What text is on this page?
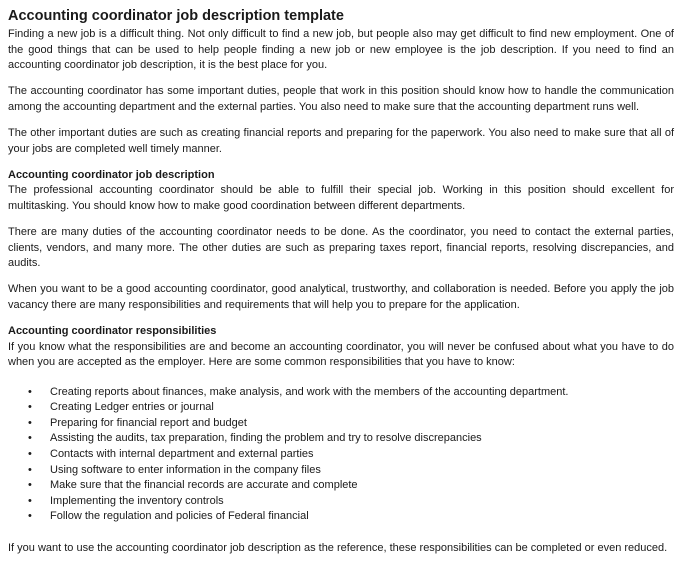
Accounting coordinator job description template

Finding a new job is a difficult thing. Not only difficult to find a new job, but people also may get difficult to find new employment. One of the good things that can be used to help people finding a new job or new employee is the job description. If you need to find an accounting coordinator job description, it is the best place for you.

The accounting coordinator has some important duties, people that work in this position should know how to handle the communication among the accounting department and the external parties. You also need to make sure that the accounting department runs well.

The other important duties are such as creating financial reports and preparing for the paperwork. You also need to make sure that all of your jobs are completed well timely manner.

Accounting coordinator job description

The professional accounting coordinator should be able to fulfill their special job. Working in this position should excellent for multitasking. You should know how to make good coordination between different departments.

There are many duties of the accounting coordinator needs to be done. As the coordinator, you need to contact the external parties, clients, vendors, and many more. The other duties are such as preparing taxes report, financial reports, resolving discrepancies, and audits.

When you want to be a good accounting coordinator, good analytical, trustworthy, and collaboration is needed. Before you apply the job vacancy there are many responsibilities and requirements that will help you to prepare for the application.

Accounting coordinator responsibilities

If you know what the responsibilities are and become an accounting coordinator, you will never be confused about what you have to do when you are accepted as the employer. Here are some common responsibilities that you have to know:

• Creating reports about finances, make analysis, and work with the members of the accounting department.
• Creating Ledger entries or journal
• Preparing for financial report and budget
• Assisting the audits, tax preparation, finding the problem and try to resolve discrepancies
• Contacts with internal department and external parties
• Using software to enter information in the company files
• Make sure that the financial records are accurate and complete
• Implementing the inventory controls
• Follow the regulation and policies of Federal financial

If you want to use the accounting coordinator job description as the reference, these responsibilities can be completed or even reduced.
